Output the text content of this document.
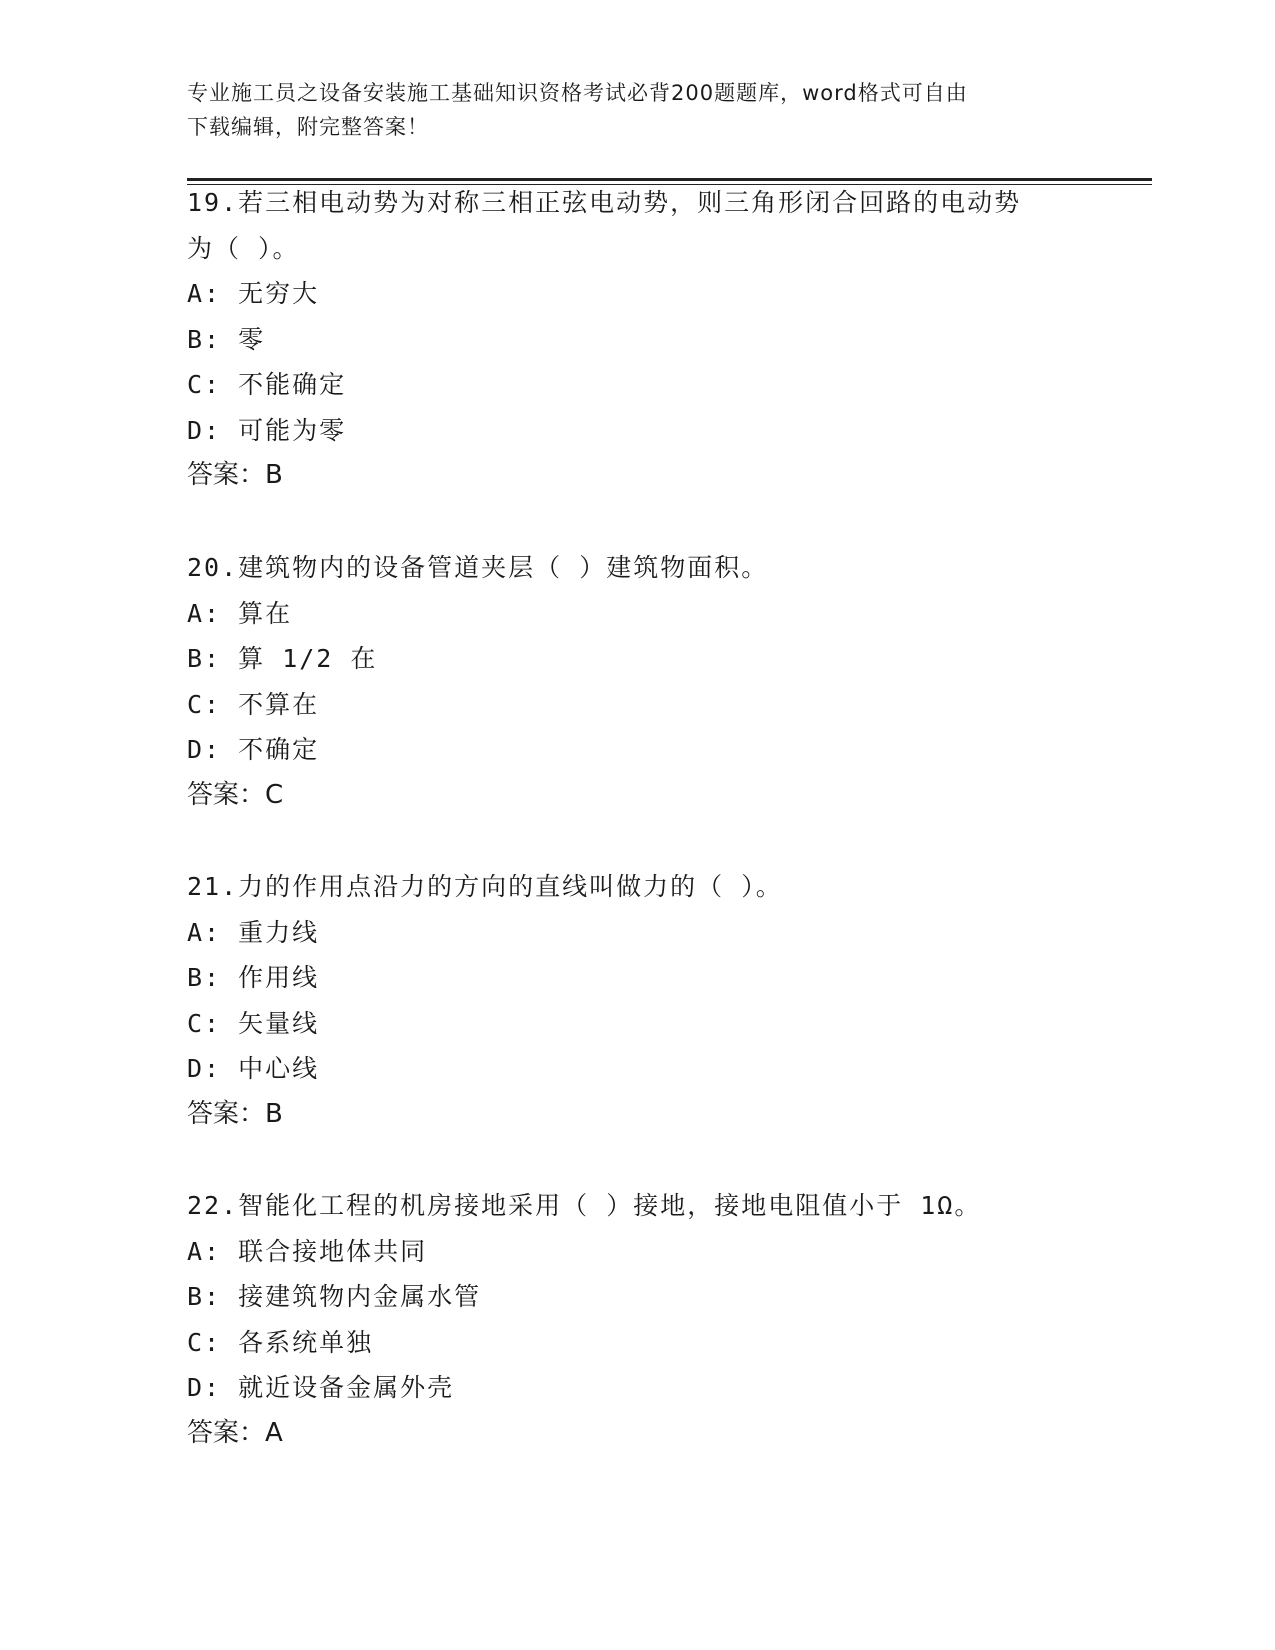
专业施工员之设备安装施工基础知识资格考试必背200题题库，word格式可自由
下载编辑，附完整答案！
19.若三相电动势为对称三相正弦电动势，则三角形闭合回路的电动势
为（ ）。
A: 无穷大
B: 零
C: 不能确定
D: 可能为零
答案：B
20.建筑物内的设备管道夹层（ ）建筑物面积。
A: 算在
B: 算 1/2 在
C: 不算在
D: 不确定
答案：C
21.力的作用点沿力的方向的直线叫做力的（ ）。
A: 重力线
B: 作用线
C: 矢量线
D: 中心线
答案：B
22.智能化工程的机房接地采用（ ）接地，接地电阻值小于 1Ω。
A: 联合接地体共同
B: 接建筑物内金属水管
C: 各系统单独
D: 就近设备金属外壳
答案：A
